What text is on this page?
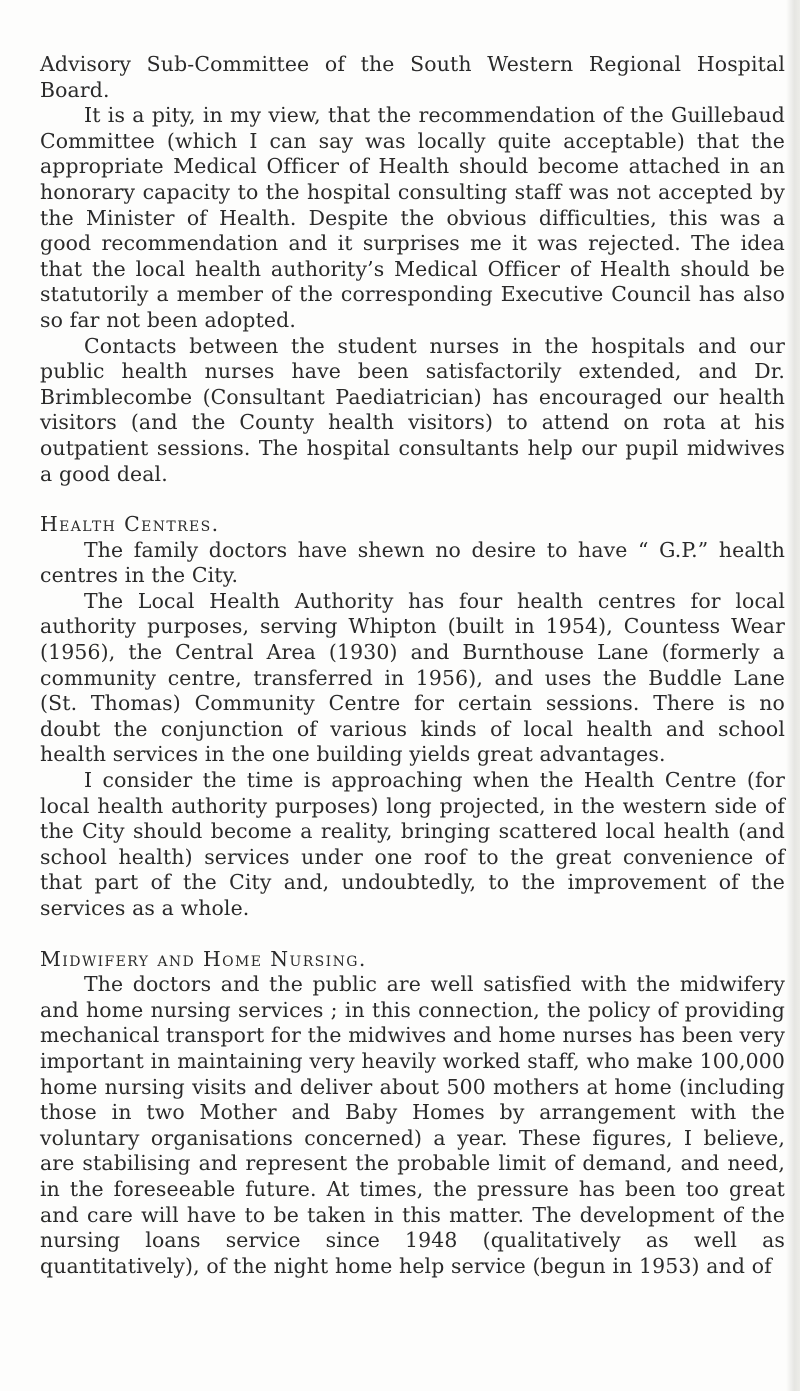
Advisory Sub-Committee of the South Western Regional Hospital Board.

It is a pity, in my view, that the recommendation of the Guillebaud Committee (which I can say was locally quite acceptable) that the appropriate Medical Officer of Health should become attached in an honorary capacity to the hospital consulting staff was not accepted by the Minister of Health. Despite the obvious difficulties, this was a good recommendation and it surprises me it was rejected. The idea that the local health authority’s Medical Officer of Health should be statutorily a member of the corresponding Executive Council has also so far not been adopted.

Contacts between the student nurses in the hospitals and our public health nurses have been satisfactorily extended, and Dr. Brimblecombe (Consultant Paediatrician) has encouraged our health visitors (and the County health visitors) to attend on rota at his outpatient sessions. The hospital consultants help our pupil midwives a good deal.

Health Centres.

The family doctors have shewn no desire to have “ G.P.” health centres in the City.

The Local Health Authority has four health centres for local authority purposes, serving Whipton (built in 1954), Countess Wear (1956), the Central Area (1930) and Burnthouse Lane (formerly a community centre, transferred in 1956), and uses the Buddle Lane (St. Thomas) Community Centre for certain sessions. There is no doubt the conjunction of various kinds of local health and school health services in the one building yields great advantages.

I consider the time is approaching when the Health Centre (for local health authority purposes) long projected, in the western side of the City should become a reality, bringing scattered local health (and school health) services under one roof to the great convenience of that part of the City and, undoubtedly, to the improvement of the services as a whole.

Midwifery and Home Nursing.

The doctors and the public are well satisfied with the midwifery and home nursing services ; in this connection, the policy of providing mechanical transport for the midwives and home nurses has been very important in maintaining very heavily worked staff, who make 100,000 home nursing visits and deliver about 500 mothers at home (including those in two Mother and Baby Homes by arrangement with the voluntary organisations concerned) a year. These figures, I believe, are stabilising and represent the probable limit of demand, and need, in the foreseeable future. At times, the pressure has been too great and care will have to be taken in this matter. The development of the nursing loans service since 1948 (qualitatively as well as quantitatively), of the night home help service (begun in 1953) and of
